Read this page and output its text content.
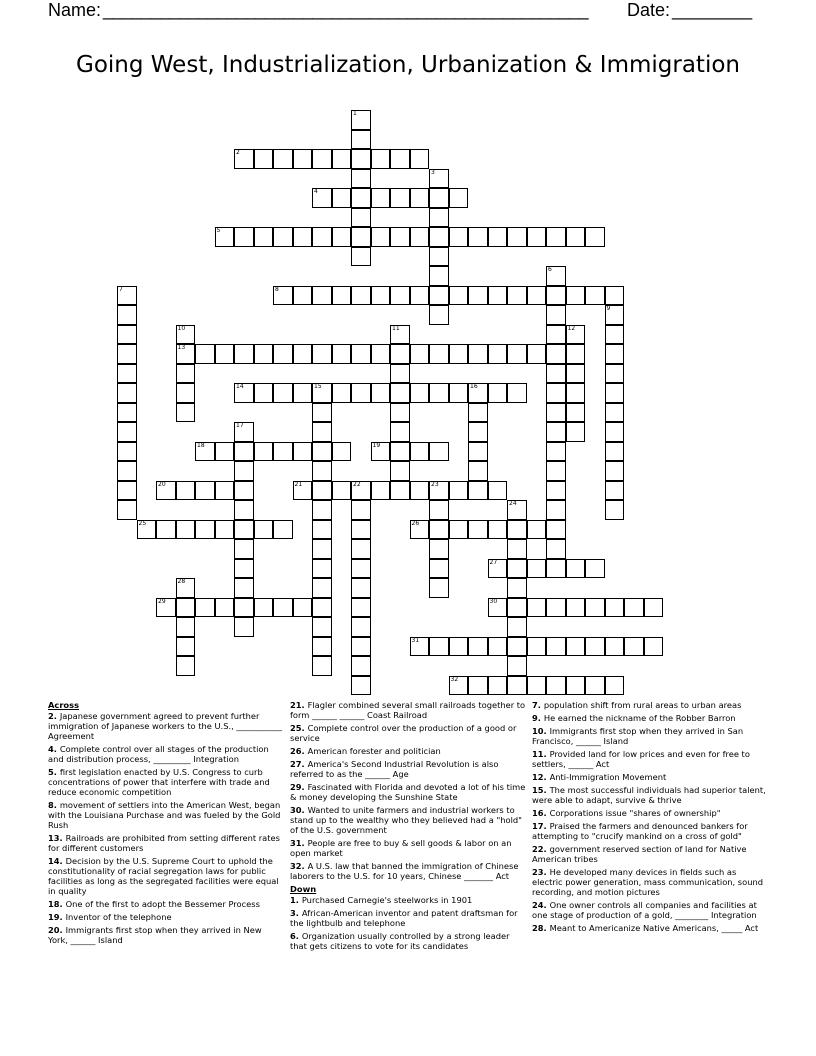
Name: ___________________________________________________ Date: ________
Going West, Industrialization, Urbanization & Immigration
2
4
5
8
13
14
18	19
20	21
25	26
27
29	30
31
32
1
3
6
7
9
10	11	12
15	16
17
22	23
24
28
Across

2. Japanese government agreed to prevent further immigration of Japanese workers to the U.S., ___________ Agreement

4. Complete control over all stages of the production and distribution process, _________ Integration

5. first legislation enacted by U.S. Congress to curb concentrations of power that interfere with trade and reduce economic competition

8. movement of settlers into the American West, began with the Louisiana Purchase and was fueled by the Gold Rush

13. Railroads are prohibited from setting different rates for different customers

14. Decision by the U.S. Supreme Court to uphold the constitutionality of racial segregation laws for public facilities as long as the segregated facilities were equal in quality

18. One of the first to adopt the Bessemer Process

19. Inventor of the telephone

20. Immigrants first stop when they arrived in New York, ______ Island

21. Flagler combined several small railroads together to form ______ ______ Coast Railroad

25. Complete control over the production of a good or service

26. American forester and politician

27. America's Second Industrial Revolution is also referred to as the ______ Age

29. Fascinated with Florida and devoted a lot of his time & money developing the Sunshine State

30. Wanted to unite farmers and industrial workers to stand up to the wealthy who they believed had a "hold" of the U.S. government

31. People are free to buy & sell goods & labor on an open market

32. A U.S. law that banned the immigration of Chinese laborers to the U.S. for 10 years, Chinese _______ Act

Down

1. Purchased Carnegie's steelworks in 1901

3. African-American inventor and patent draftsman for the lightbulb and telephone

6. Organization usually controlled by a strong leader that gets citizens to vote for its candidates

7. population shift from rural areas to urban areas

9. He earned the nickname of the Robber Barron

10. Immigrants first stop when they arrived in San Francisco, ______ Island

11. Provided land for low prices and even for free to settlers, ______ Act

12. Anti-Immigration Movement

15. The most successful individuals had superior talent, were able to adapt, survive & thrive

16. Corporations issue "shares of ownership"

17. Praised the farmers and denounced bankers for attempting to "crucify mankind on a cross of gold"

22. government reserved section of land for Native American tribes

23. He developed many devices in fields such as electric power generation, mass communication, sound recording, and motion pictures

24. One owner controls all companies and facilities at one stage of production of a gold, ________ Integration

28. Meant to Americanize Native Americans, _____ Act
